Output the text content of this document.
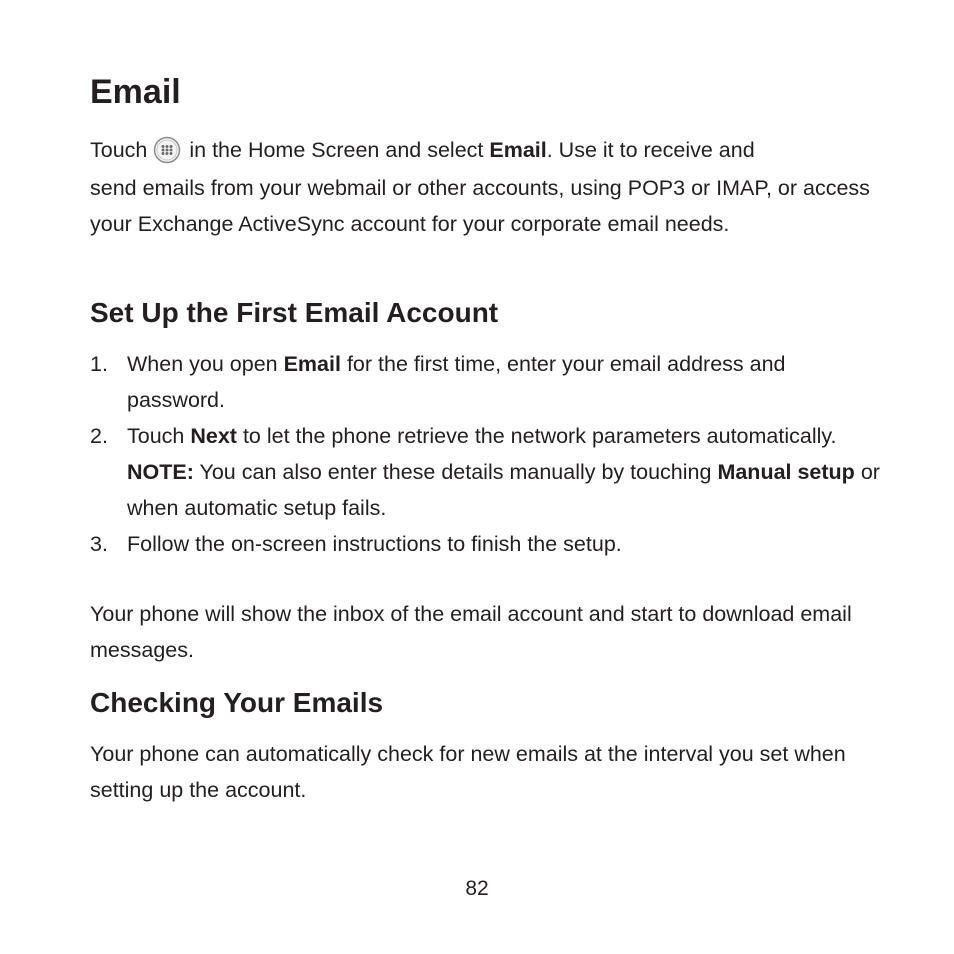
Email
Touch in the Home Screen and select
Email . Use it to receive and
send emails from your webmail or other accounts, using POP3 or IMAP, or access your Exchange ActiveSync account for your corporate email needs.
Set Up the First Email Account
1. When you open Email for the first time, enter your email address and password.
2. Touch Next to let the phone retrieve the network parameters automatically.
NOTE: You can also enter these details manually by touching Manual setup or when automatic setup fails.
3. Follow the on-screen instructions to finish the setup.
Your phone will show the inbox of the email account and start to download email messages.
Checking Your Emails
Your phone can automatically check for new emails at the interval you set when setting up the account.
82
